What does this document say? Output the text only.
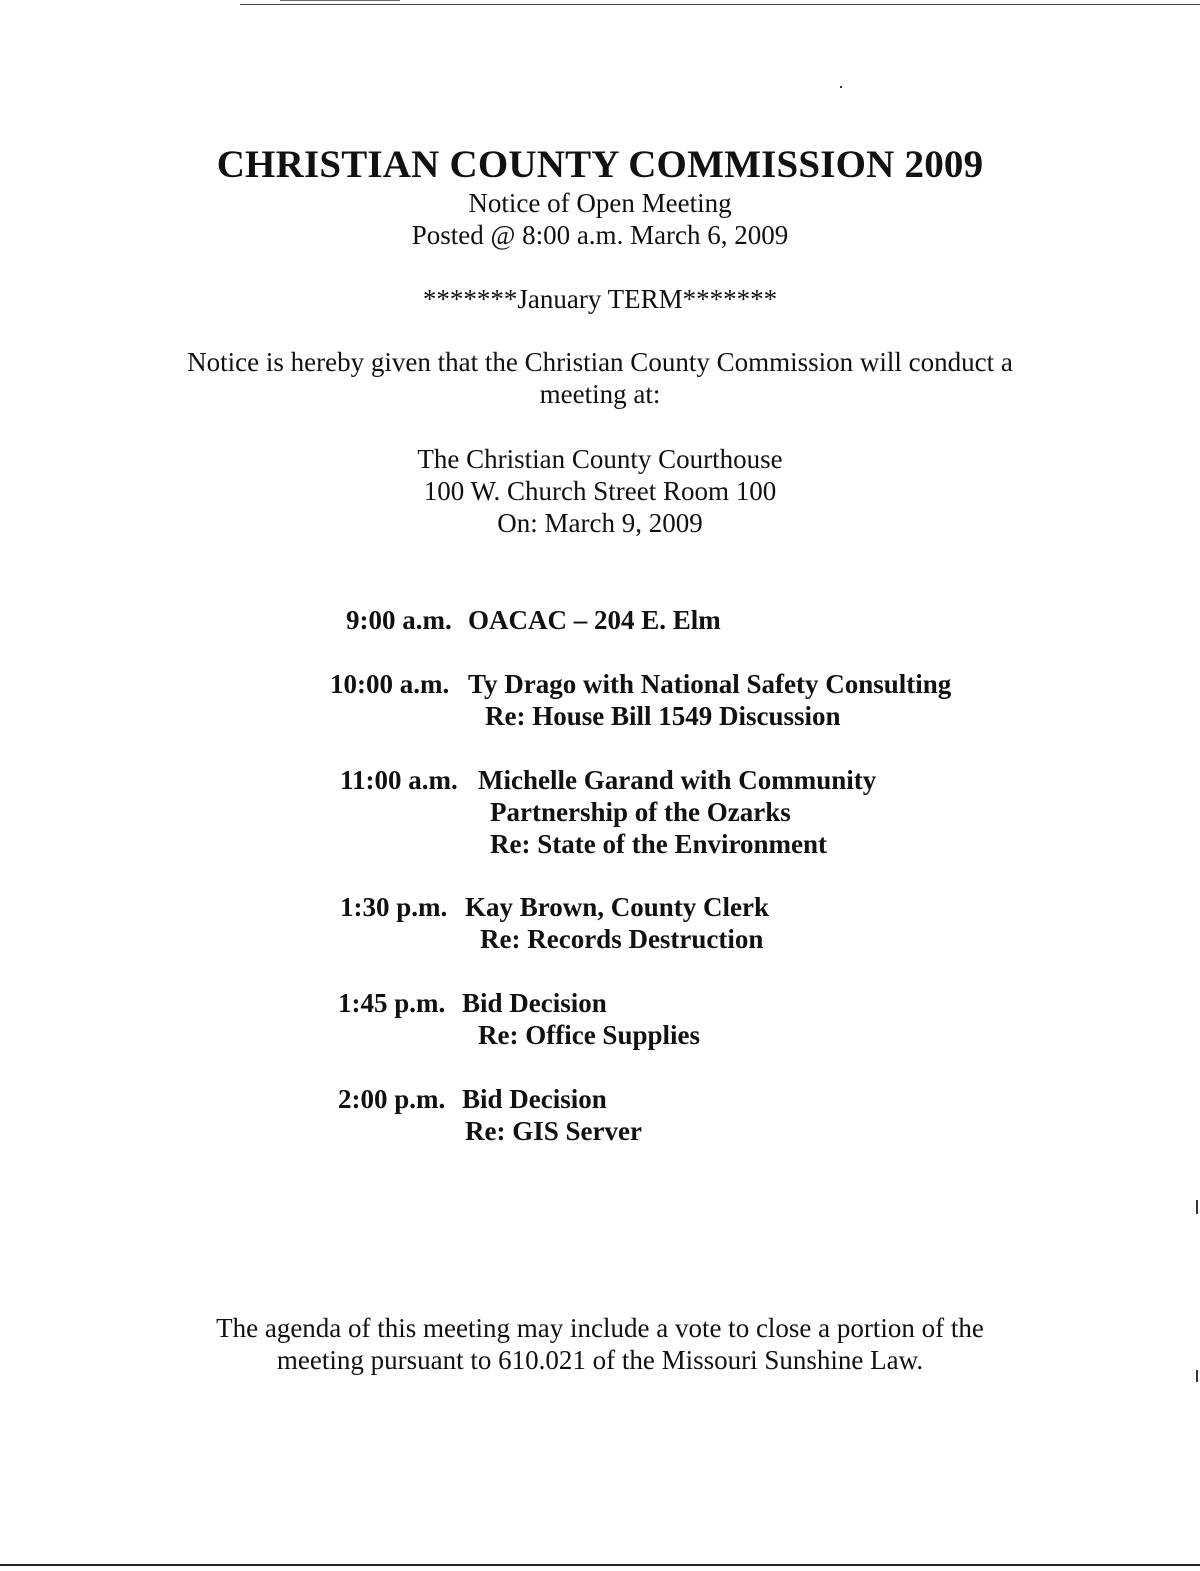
CHRISTIAN COUNTY COMMISSION 2009
Notice of Open Meeting
Posted @ 8:00 a.m. March 6, 2009
*******January TERM*******
Notice is hereby given that the Christian County Commission will conduct a meeting at:
The Christian County Courthouse
100 W. Church Street Room 100
On: March 9, 2009
9:00 a.m. OACAC – 204 E. Elm
10:00 a.m. Ty Drago with National Safety Consulting
Re: House Bill 1549 Discussion
11:00 a.m. Michelle Garand with Community
Partnership of the Ozarks
Re: State of the Environment
1:30 p.m. Kay Brown, County Clerk
Re: Records Destruction
1:45 p.m. Bid Decision
Re: Office Supplies
2:00 p.m. Bid Decision
Re: GIS Server
The agenda of this meeting may include a vote to close a portion of the
meeting pursuant to 610.021 of the Missouri Sunshine Law.
